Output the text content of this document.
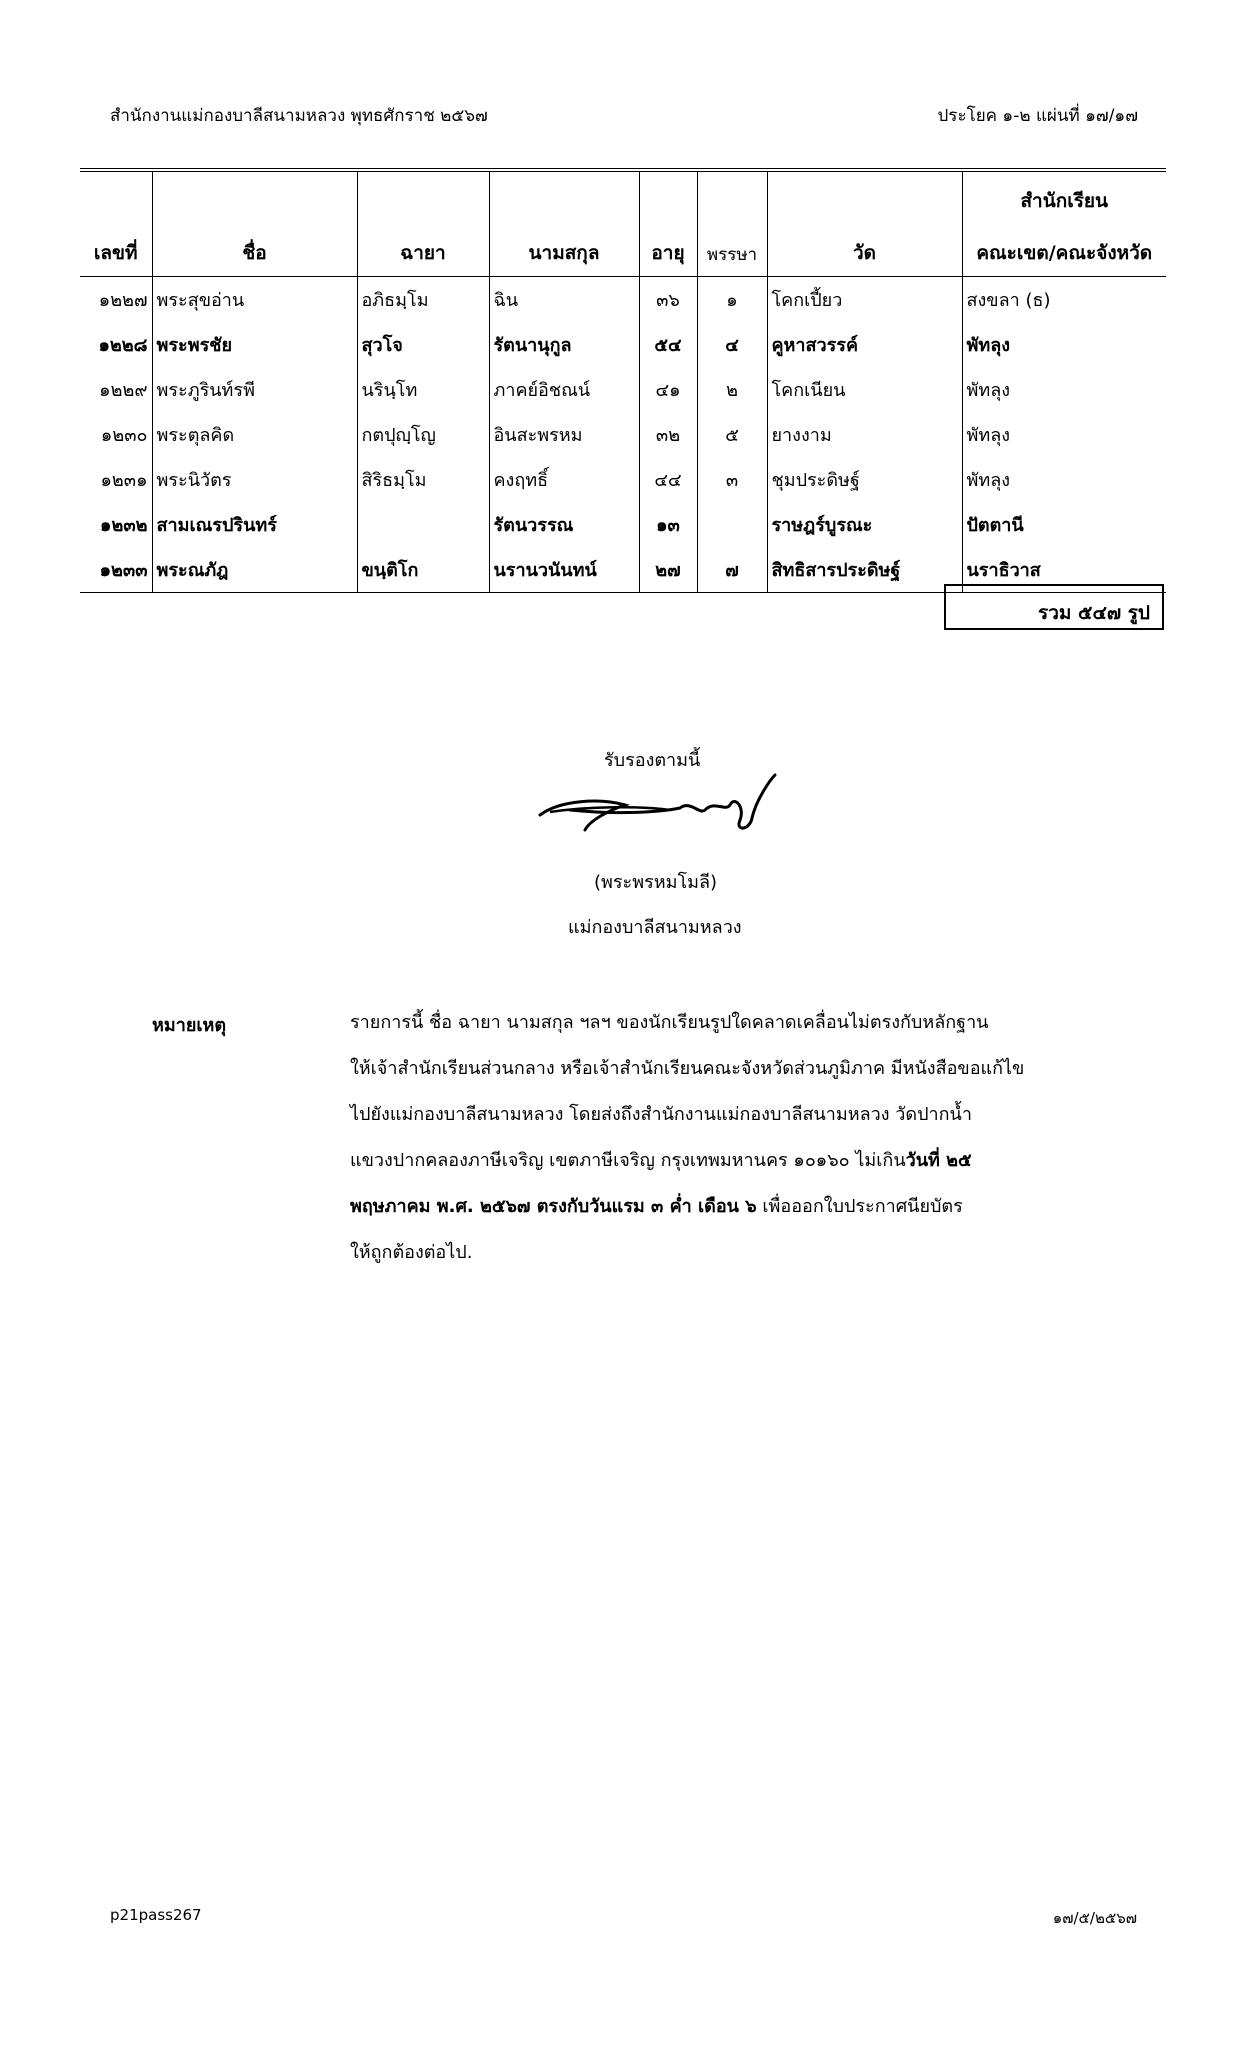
สำนักงานแม่กองบาลีสนามหลวง พุทธศักราช ๒๕๖๗	ประโยค ๑-๒ แผ่นที่ ๑๗/๑๗
เลขที่	ชื่อ	ฉายา	นามสกุล	อายุ	พรรษา	วัด	สำนักเรียน
คณะเขต/คณะจังหวัด
๑๒๒๗	พระสุขอ่าน	อภิธมฺโม	ฉิน	๓๖	๑	โคกเปี้ยว	สงขลา (ธ)
๑๒๒๘	พระพรชัย	สุวโจ	รัตนานุกูล	๕๔	๔	คูหาสวรรค์	พัทลุง
๑๒๒๙	พระภูรินท์รพี	นรินฺโท	ภาคย์อิชณน์	๔๑	๒	โคกเนียน	พัทลุง
๑๒๓๐	พระตุลคิด	กตปุญฺโญ	อินสะพรหม	๓๒	๕	ยางงาม	พัทลุง
๑๒๓๑	พระนิวัตร	สิริธมฺโม	คงฤทธิ์	๔๔	๓	ชุมประดิษฐ์	พัทลุง
๑๒๓๒	สามเณรปรินทร์		รัตนวรรณ	๑๓		ราษฎร์บูรณะ	ปัตตานี
๑๒๓๓	พระณภัฎ	ขนฺติโก	นรานวนันทน์	๒๗	๗	สิทธิสารประดิษฐ์	นราธิวาส
รวม ๕๔๗ รูป
รับรองตามนี้
(พระพรหมโมลี)
แม่กองบาลีสนามหลวง
หมายเหตุ	รายการนี้ ชื่อ ฉายา นามสกุล ฯลฯ ของนักเรียนรูปใดคลาดเคลื่อนไม่ตรงกับหลักฐาน
ให้เจ้าสำนักเรียนส่วนกลาง หรือเจ้าสำนักเรียนคณะจังหวัดส่วนภูมิภาค มีหนังสือขอแก้ไข
ไปยังแม่กองบาลีสนามหลวง โดยส่งถึงสำนักงานแม่กองบาลีสนามหลวง วัดปากน้ำ
แขวงปากคลองภาษีเจริญ เขตภาษีเจริญ กรุงเทพมหานคร ๑๐๑๖๐ ไม่เกินวันที่ ๒๕
พฤษภาคม พ.ศ. ๒๕๖๗ ตรงกับวันแรม ๓ ค่ำ เดือน ๖ เพื่อออกใบประกาศนียบัตร
ให้ถูกต้องต่อไป.
p21pass267	๑๗/๕/๒๕๖๗
